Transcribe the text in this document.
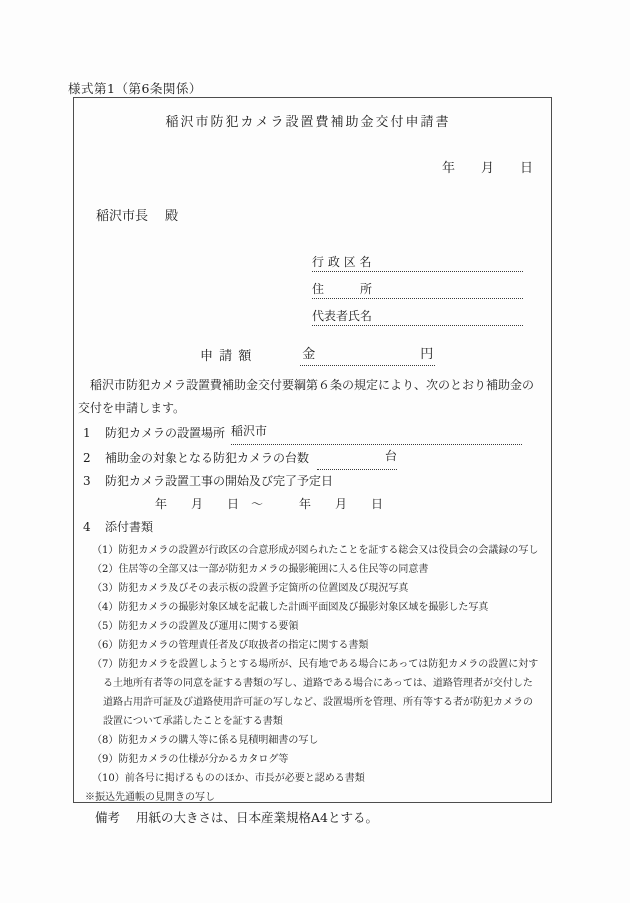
様式第1（第6条関係）
稲沢市防犯カメラ設置費補助金交付申請書
年　　月　　日
稲沢市長 殿
行 政 区 名
住　　　所
代表者氏名
申 請 額	金	円
稲沢市防犯カメラ設置費補助金交付要綱第６条の規定により、次のとおり補助金の
交付を申請します。
1 防犯カメラの設置場所 稲沢市
2 補助金の対象となる防犯カメラの台数	台
3 防犯カメラ設置工事の開始及び完了予定日
年　　月　　日　～　　　年　　月　　日
4 添付書類
（1）防犯カメラの設置が行政区の合意形成が図られたことを証する総会又は役員会の会議録の写し
（2）住居等の全部又は一部が防犯カメラの撮影範囲に入る住民等の同意書
（3）防犯カメラ及びその表示板の設置予定箇所の位置図及び現況写真
（4）防犯カメラの撮影対象区域を記載した計画平面図及び撮影対象区域を撮影した写真
（5）防犯カメラの設置及び運用に関する要領
（6）防犯カメラの管理責任者及び取扱者の指定に関する書類
（7）防犯カメラを設置しようとする場所が、民有地である場合にあっては防犯カメラの設置に対す
る土地所有者等の同意を証する書類の写し、道路である場合にあっては、道路管理者が交付した
道路占用許可証及び道路使用許可証の写しなど、設置場所を管理、所有等する者が防犯カメラの
設置について承諾したことを証する書類
（8）防犯カメラの購入等に係る見積明細書の写し
（9）防犯カメラの仕様が分かるカタログ等
（10）前各号に掲げるもののほか、市長が必要と認める書類
※振込先通帳の見開きの写し
備考 用紙の大きさは、日本産業規格A4とする。
